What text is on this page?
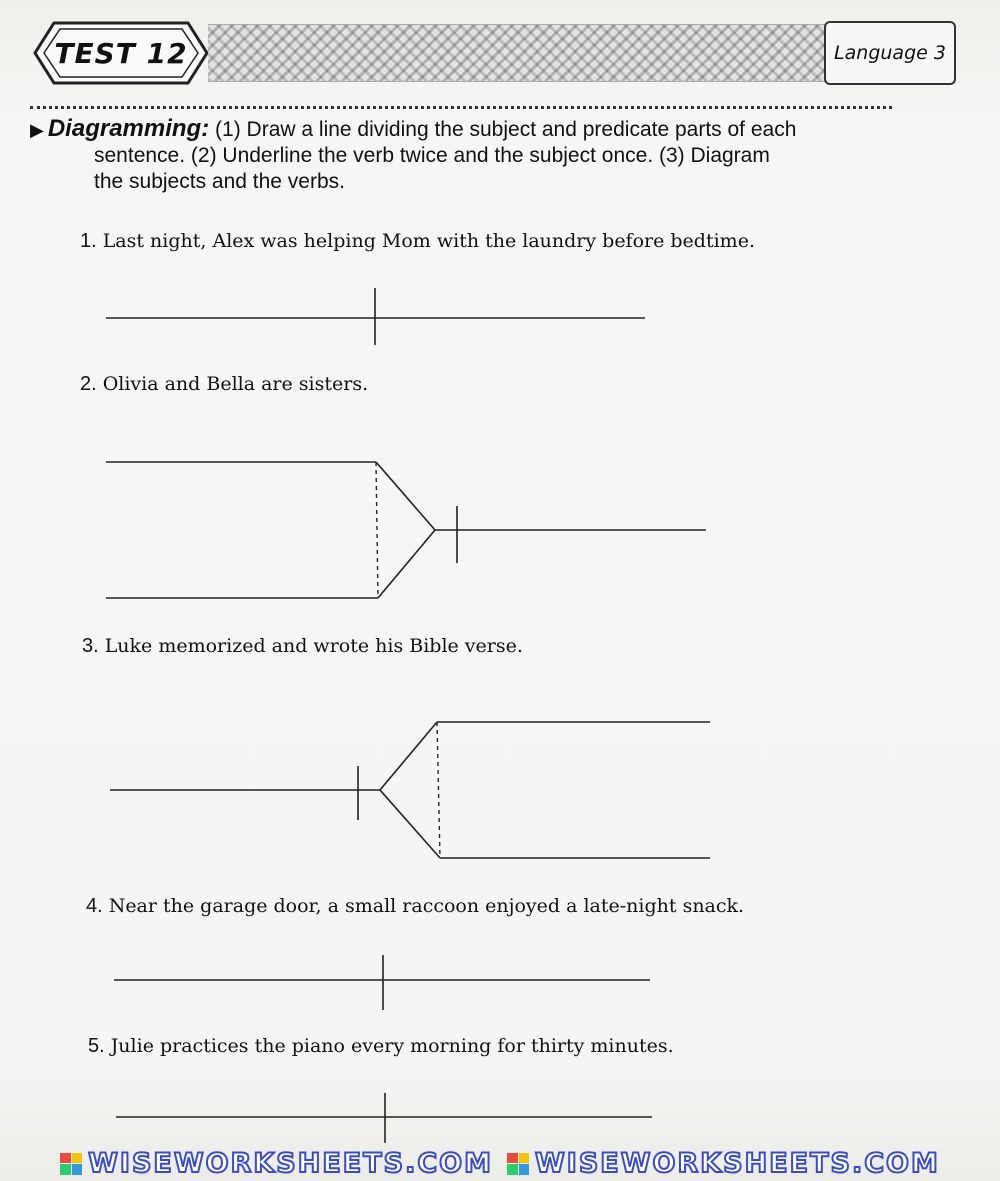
TEST 12	Language 3
▶ Diagramming: (1) Draw a line dividing the subject and predicate parts of each
sentence. (2) Underline the verb twice and the subject once. (3) Diagram
the subjects and the verbs.
1. Last night, Alex was helping Mom with the laundry before bedtime.
2. Olivia and Bella are sisters.
3. Luke memorized and wrote his Bible verse.
4. Near the garage door, a small raccoon enjoyed a late-night snack.
5. Julie practices the piano every morning for thirty minutes.
WISEWORKSHEETS.COM WISEWORKSHEETS.COM
